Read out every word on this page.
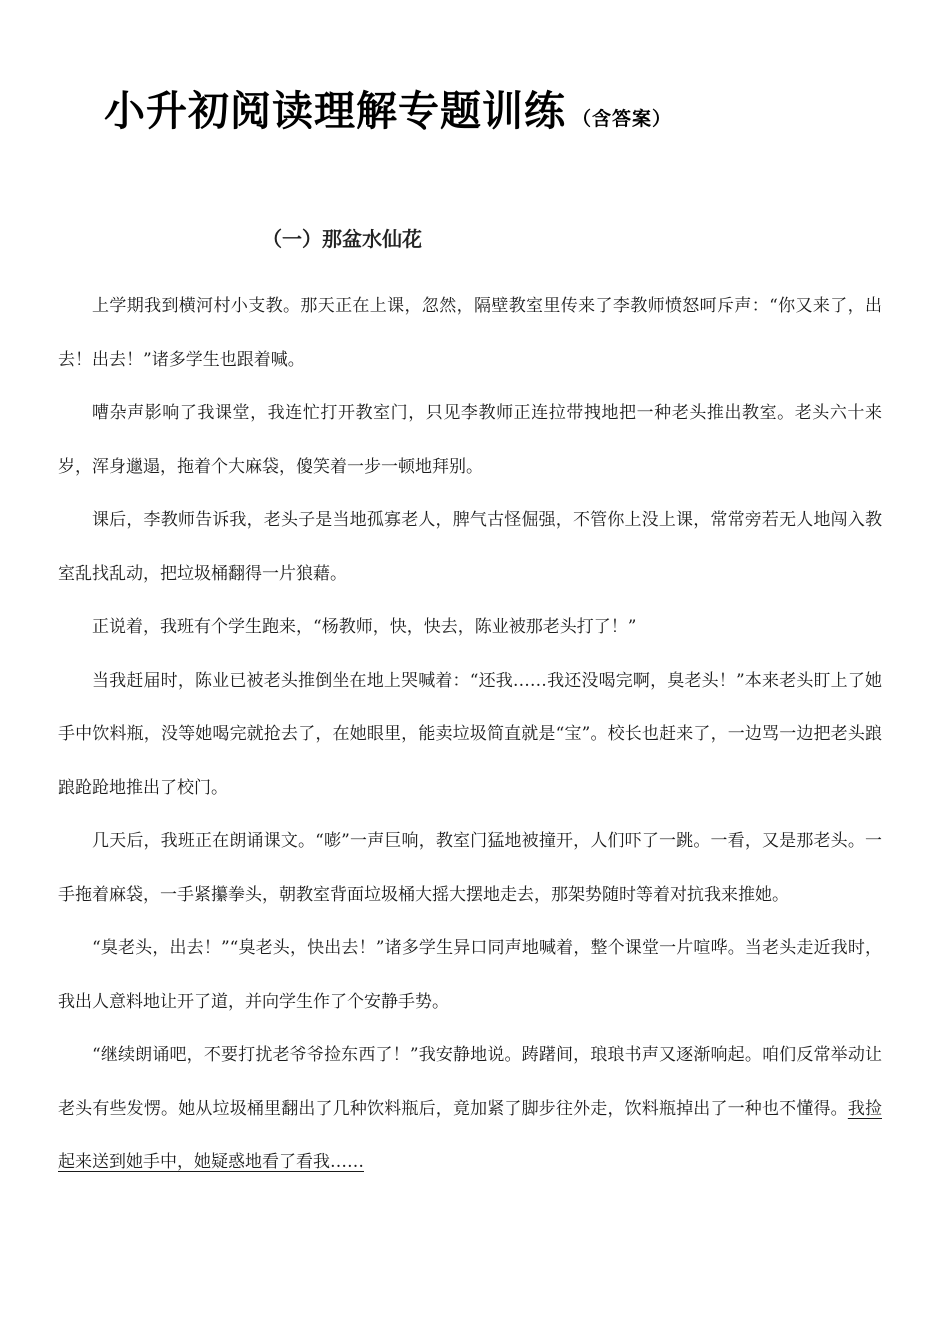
小升初阅读理解专题训练 （含答案）
（一）那盆水仙花

上学期我到横河村小支教。那天正在上课，忽然，隔壁教室里传来了李教师愤怒呵斥声：“你又来了，出去！出去！”诸多学生也跟着喊。

嘈杂声影响了我课堂，我连忙打开教室门，只见李教师正连拉带拽地把一种老头推出教室。老头六十来岁，浑身邋遢，拖着个大麻袋，傻笑着一步一顿地拜别。

课后，李教师告诉我，老头子是当地孤寡老人，脾气古怪倔强，不管你上没上课，常常旁若无人地闯入教室乱找乱动，把垃圾桶翻得一片狼藉。

正说着，我班有个学生跑来，“杨教师，快，快去，陈业被那老头打了！”

当我赶届时，陈业已被老头推倒坐在地上哭喊着：“还我……我还没喝完啊，臭老头！”本来老头盯上了她手中饮料瓶，没等她喝完就抢去了，在她眼里，能卖垃圾简直就是“宝”。校长也赶来了，一边骂一边把老头踉踉跄跄地推出了校门。

几天后，我班正在朗诵课文。“嘭”一声巨响，教室门猛地被撞开，人们吓了一跳。一看，又是那老头。一手拖着麻袋，一手紧攥拳头，朝教室背面垃圾桶大摇大摆地走去，那架势随时等着对抗我来推她。

“臭老头，出去！”“臭老头，快出去！”诸多学生异口同声地喊着，整个课堂一片喧哗。当老头走近我时，我出人意料地让开了道，并向学生作了个安静手势。

“继续朗诵吧，不要打扰老爷爷捡东西了！”我安静地说。踌躇间，琅琅书声又逐渐响起。咱们反常举动让老头有些发愣。她从垃圾桶里翻出了几种饮料瓶后，竟加紧了脚步往外走，饮料瓶掉出了一种也不懂得。我捡起来送到她手中，她疑惑地看了看我……
